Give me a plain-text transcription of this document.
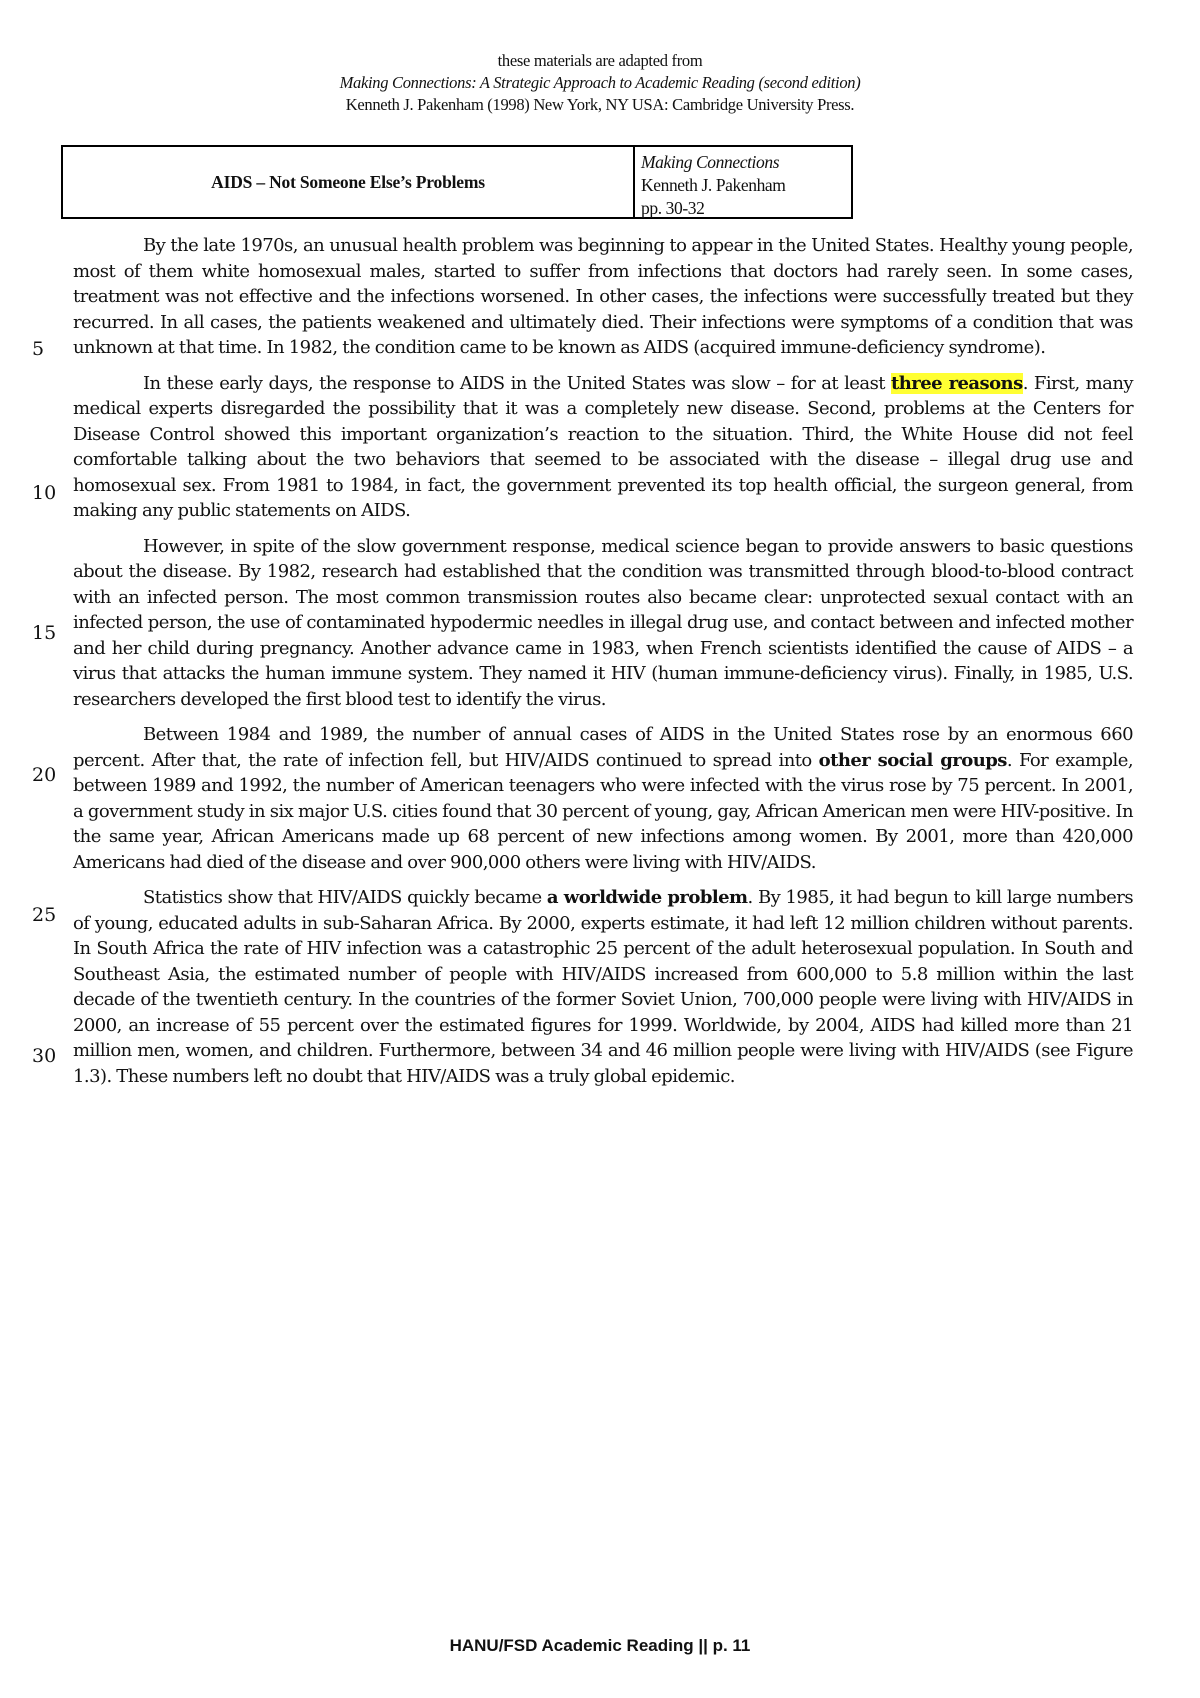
these materials are adapted from
Making Connections: A Strategic Approach to Academic Reading (second edition)
Kenneth J. Pakenham (1998) New York, NY USA: Cambridge University Press.
AIDS – Not Someone Else’s Problems
Making Connections
Kenneth J. Pakenham
pp. 30-32
5
10
15
20
25
30

By the late 1970s, an unusual health problem was beginning to appear in the United States. Healthy young people, most of them white homosexual males, started to suffer from infections that doctors had rarely seen. In some cases, treatment was not effective and the infections worsened. In other cases, the infections were successfully treated but they recurred. In all cases, the patients weakened and ultimately died. Their infections were symptoms of a condition that was unknown at that time. In 1982, the condition came to be known as AIDS (acquired immune-deficiency syndrome).

In these early days, the response to AIDS in the United States was slow – for at least three reasons. First, many medical experts disregarded the possibility that it was a completely new disease. Second, problems at the Centers for Disease Control showed this important organization’s reaction to the situation. Third, the White House did not feel comfortable talking about the two behaviors that seemed to be associated with the disease – illegal drug use and homosexual sex. From 1981 to 1984, in fact, the government prevented its top health official, the surgeon general, from making any public statements on AIDS.

However, in spite of the slow government response, medical science began to provide answers to basic questions about the disease. By 1982, research had established that the condition was transmitted through blood-to-blood contract with an infected person. The most common transmission routes also became clear: unprotected sexual contact with an infected person, the use of contaminated hypodermic needles in illegal drug use, and contact between and infected mother and her child during pregnancy. Another advance came in 1983, when French scientists identified the cause of AIDS – a virus that attacks the human immune system. They named it HIV (human immune-deficiency virus). Finally, in 1985, U.S. researchers developed the first blood test to identify the virus.

Between 1984 and 1989, the number of annual cases of AIDS in the United States rose by an enormous 660 percent. After that, the rate of infection fell, but HIV/AIDS continued to spread into other social groups. For example, between 1989 and 1992, the number of American teenagers who were infected with the virus rose by 75 percent. In 2001, a government study in six major U.S. cities found that 30 percent of young, gay, African American men were HIV-positive. In the same year, African Americans made up 68 percent of new infections among women. By 2001, more than 420,000 Americans had died of the disease and over 900,000 others were living with HIV/AIDS.

Statistics show that HIV/AIDS quickly became a worldwide problem. By 1985, it had begun to kill large numbers of young, educated adults in sub-Saharan Africa. By 2000, experts estimate, it had left 12 million children without parents. In South Africa the rate of HIV infection was a catastrophic 25 percent of the adult heterosexual population. In South and Southeast Asia, the estimated number of people with HIV/AIDS increased from 600,000 to 5.8 million within the last decade of the twentieth century. In the countries of the former Soviet Union, 700,000 people were living with HIV/AIDS in 2000, an increase of 55 percent over the estimated figures for 1999. Worldwide, by 2004, AIDS had killed more than 21 million men, women, and children. Furthermore, between 34 and 46 million people were living with HIV/AIDS (see Figure 1.3). These numbers left no doubt that HIV/AIDS was a truly global epidemic.

HANU/FSD Academic Reading || p. 11
